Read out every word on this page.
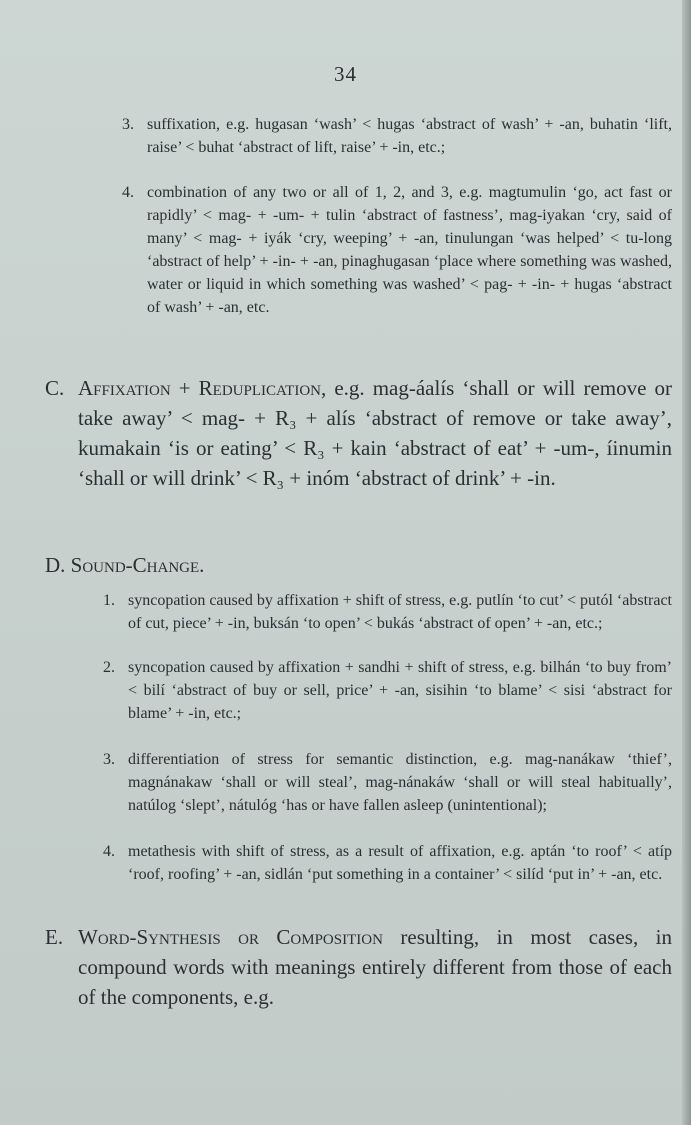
34
3. suffixation, e.g. hugasan ‘wash’ < hugas ‘abstract of wash’ + -an, buhatin ‘lift, raise’ < buhat ‘abstract of lift, raise’ + -in, etc.;
4. combination of any two or all of 1, 2, and 3, e.g. magtumulin ‘go, act fast or rapidly’ < mag- + -um- + tulin ‘abstract of fastness’, mag-iyakan ‘cry, said of many’ < mag- + iyák ‘cry, weeping’ + -an, tinulungan ‘was helped’ < tu-long ‘abstract of help’ + -in- + -an, pinaghugasan ‘place where something was washed, water or liquid in which something was washed’ < pag- + -in- + hugas ‘abstract of wash’ + -an, etc.
C. Affixation + Reduplication, e.g. mag-áalís ‘shall or will remove or take away’ < mag- + R₃ + alís ‘abstract of remove or take away’, kumakain ‘is or eating’ < R₃ + kain ‘abstract of eat’ + -um-, íinumin ‘shall or will drink’ < R₃ + inóm ‘abstract of drink’ + -in.
D. Sound-Change.
1. syncopation caused by affixation + shift of stress, e.g. putlín ‘to cut’ < putól ‘abstract of cut, piece’ + -in, buksán ‘to open’ < bukás ‘abstract of open’ + -an, etc.;
2. syncopation caused by affixation + sandhi + shift of stress, e.g. bilhán ‘to buy from’ < bilí ‘abstract of buy or sell, price’ + -an, sisihin ‘to blame’ < sisi ‘abstract for blame’ + -in, etc.;
3. differentiation of stress for semantic distinction, e.g. mag-nanákaw ‘thief’, magnánakaw ‘shall or will steal’, mag-nánakáw ‘shall or will steal habitually’, natúlog ‘slept’, nátulóg ‘has or have fallen asleep (unintentional);
4. metathesis with shift of stress, as a result of affixation, e.g. aptán ‘to roof’ < atíp ‘roof, roofing’ + -an, sidlán ‘put something in a container’ < silíd ‘put in’ + -an, etc.
E. Word-Synthesis or Composition resulting, in most cases, in compound words with meanings entirely different from those of each of the components, e.g.
